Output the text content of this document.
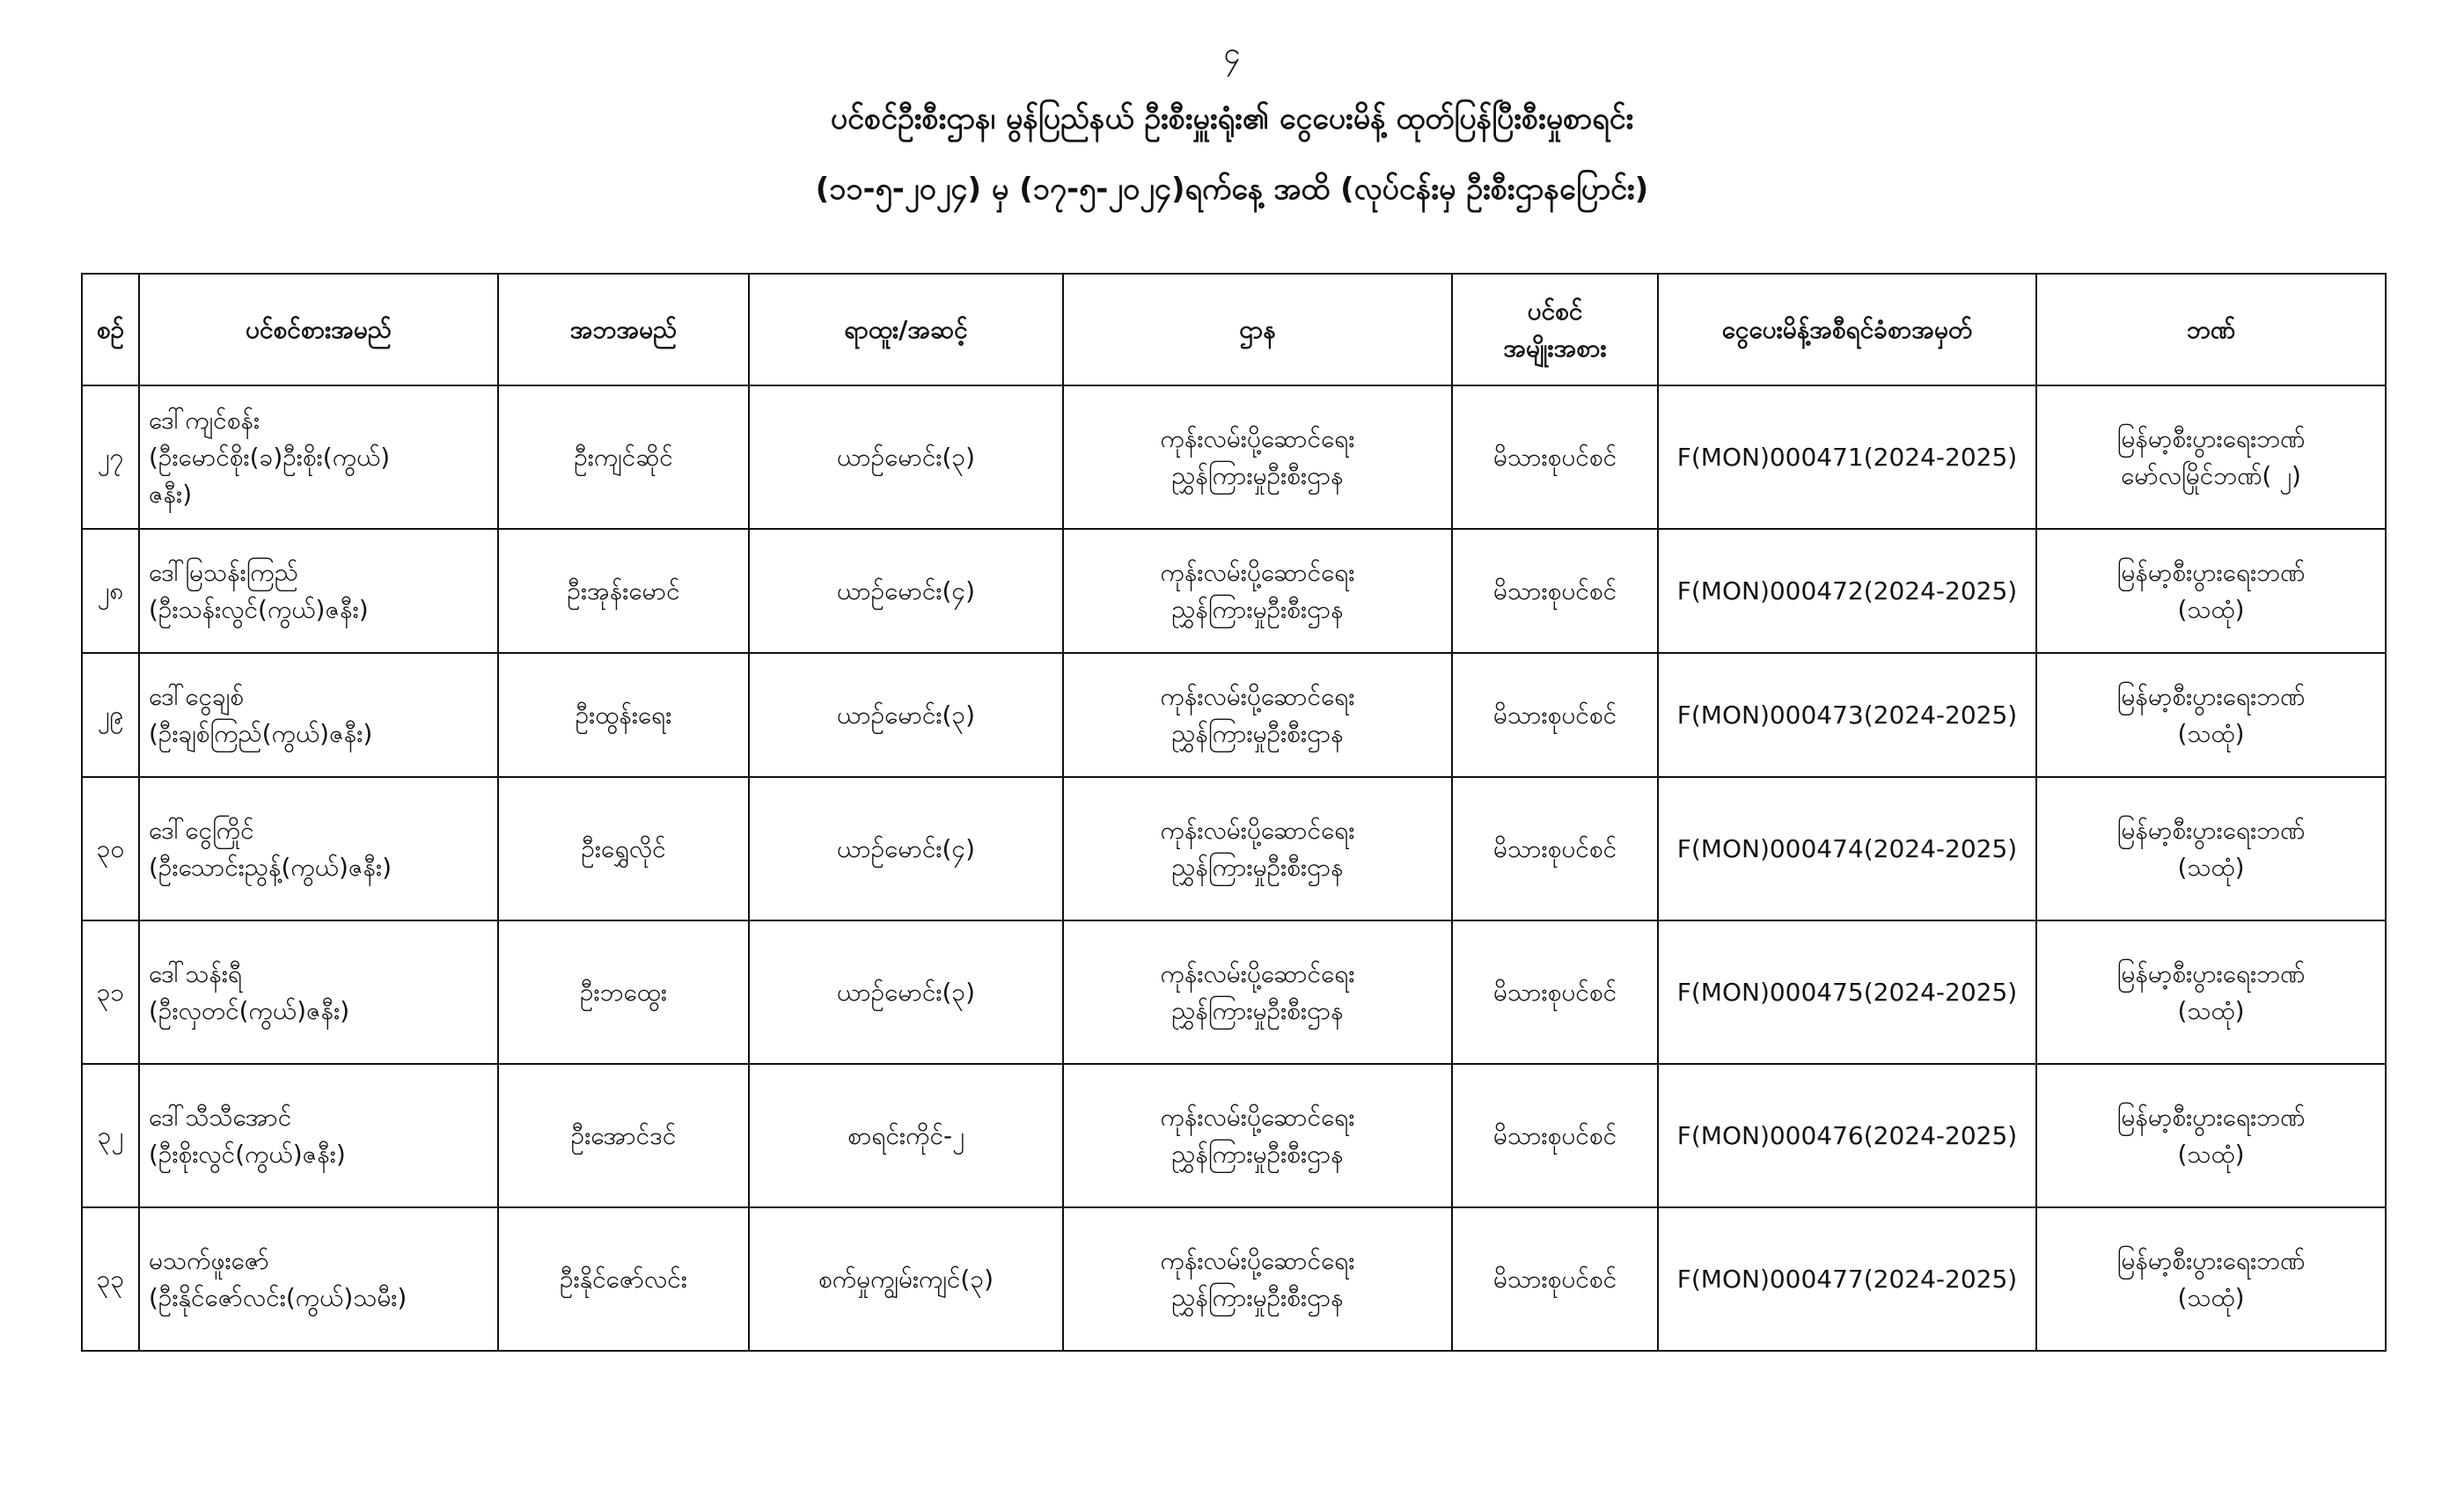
၄
ပင်စင်ဦးစီးဌာန၊ မွန်ပြည်နယ် ဦးစီးမှူးရုံး၏ ငွေပေးမိန့် ထုတ်ပြန်ပြီးစီးမှုစာရင်း
(၁၁-၅-၂၀၂၄) မှ (၁၇-၅-၂၀၂၄)ရက်နေ့ အထိ (လုပ်ငန်းမှ ဦးစီးဌာနပြောင်း)
စဉ်	ပင်စင်စားအမည်	အဘအမည်	ရာထူး/အဆင့်	ဌာန	ပင်စင်
အမျိုးအစား	ငွေပေးမိန့်အစီရင်ခံစာအမှတ်	ဘဏ်
၂၇	ဒေါ်ကျင်စန်း
(ဦးမောင်စိုး(ခ)ဦးစိုး(ကွယ်)
ဇနီး)	ဦးကျင်ဆိုင်	ယာဉ်မောင်း(၃)	ကုန်းလမ်းပို့ဆောင်ရေး
ညွှန်ကြားမှုဦးစီးဌာန	မိသားစုပင်စင်	F(MON)000471(2024-2025)	မြန်မာ့စီးပွားရေးဘဏ်
မော်လမြိုင်ဘဏ်( ၂)

၂၈	ဒေါ်မြသန်းကြည်
(ဦးသန်းလွင်(ကွယ်)ဇနီး)	ဦးအုန်းမောင်	ယာဉ်မောင်း(၄)	ကုန်းလမ်းပို့ဆောင်ရေး
ညွှန်ကြားမှုဦးစီးဌာန	မိသားစုပင်စင်	F(MON)000472(2024-2025)	မြန်မာ့စီးပွားရေးဘဏ်
(သထုံ)

၂၉	ဒေါ်ငွေချစ်
(ဦးချစ်ကြည်(ကွယ်)ဇနီး)	ဦးထွန်းရေး	ယာဉ်မောင်း(၃)	ကုန်းလမ်းပို့ဆောင်ရေး
ညွှန်ကြားမှုဦးစီးဌာန	မိသားစုပင်စင်	F(MON)000473(2024-2025)	မြန်မာ့စီးပွားရေးဘဏ်
(သထုံ)

၃၀	ဒေါ်ငွေကြိုင်
(ဦးသောင်းညွန့်(ကွယ်)ဇနီး)	ဦးရွှေလိုင်	ယာဉ်မောင်း(၄)	ကုန်းလမ်းပို့ဆောင်ရေး
ညွှန်ကြားမှုဦးစီးဌာန	မိသားစုပင်စင်	F(MON)000474(2024-2025)	မြန်မာ့စီးပွားရေးဘဏ်
(သထုံ)

၃၁	ဒေါ်သန်းရီ
(ဦးလှတင်(ကွယ်)ဇနီး)	ဦးဘထွေး	ယာဉ်မောင်း(၃)	ကုန်းလမ်းပို့ဆောင်ရေး
ညွှန်ကြားမှုဦးစီးဌာန	မိသားစုပင်စင်	F(MON)000475(2024-2025)	မြန်မာ့စီးပွားရေးဘဏ်
(သထုံ)

၃၂	ဒေါ်သီသီအောင်
(ဦးစိုးလွင်(ကွယ်)ဇနီး)	ဦးအောင်ဒင်	စာရင်းကိုင်-၂	ကုန်းလမ်းပို့ဆောင်ရေး
ညွှန်ကြားမှုဦးစီးဌာန	မိသားစုပင်စင်	F(MON)000476(2024-2025)	မြန်မာ့စီးပွားရေးဘဏ်
(သထုံ)

၃၃	မသက်ဖူးဇော်
(ဦးနိုင်ဇော်လင်း(ကွယ်)သမီး)	ဦးနိုင်ဇော်လင်း	စက်မှုကျွမ်းကျင်(၃)	ကုန်းလမ်းပို့ဆောင်ရေး
ညွှန်ကြားမှုဦးစီးဌာန	မိသားစုပင်စင်	F(MON)000477(2024-2025)	မြန်မာ့စီးပွားရေးဘဏ်
(သထုံ)
